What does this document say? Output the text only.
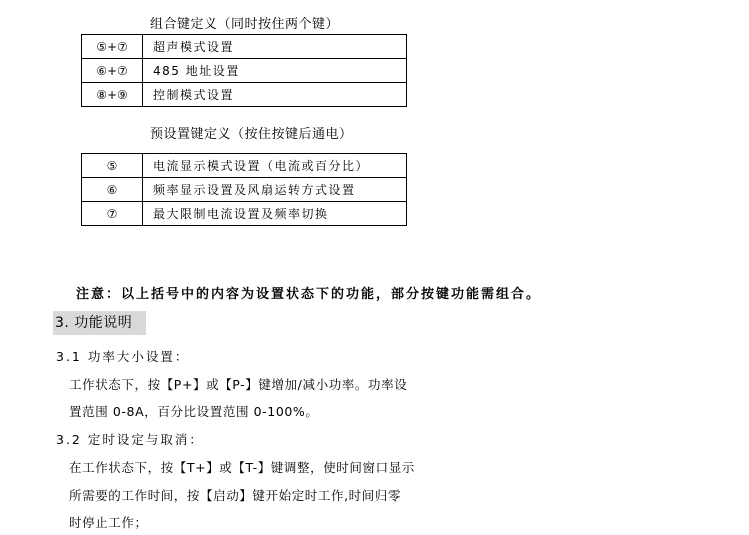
组合键定义（同时按住两个键）
⑤+⑦	超声模式设置
⑥+⑦	485 地址设置
⑧+⑨	控制模式设置
预设置键定义（按住按键后通电）
⑤	电流显示模式设置（电流或百分比）
⑥	频率显示设置及风扇运转方式设置
⑦	最大限制电流设置及频率切换
注意：以上括号中的内容为设置状态下的功能，部分按键功能需组合。
3. 功能说明
3.1 功率大小设置：
工作状态下，按【P+】或【P-】键增加/减小功率。功率设
置范围 0-8A，百分比设置范围 0-100%。
3.2 定时设定与取消：
在工作状态下，按【T+】或【T-】键调整，使时间窗口显示
所需要的工作时间，按【启动】键开始定时工作,时间归零
时停止工作；
